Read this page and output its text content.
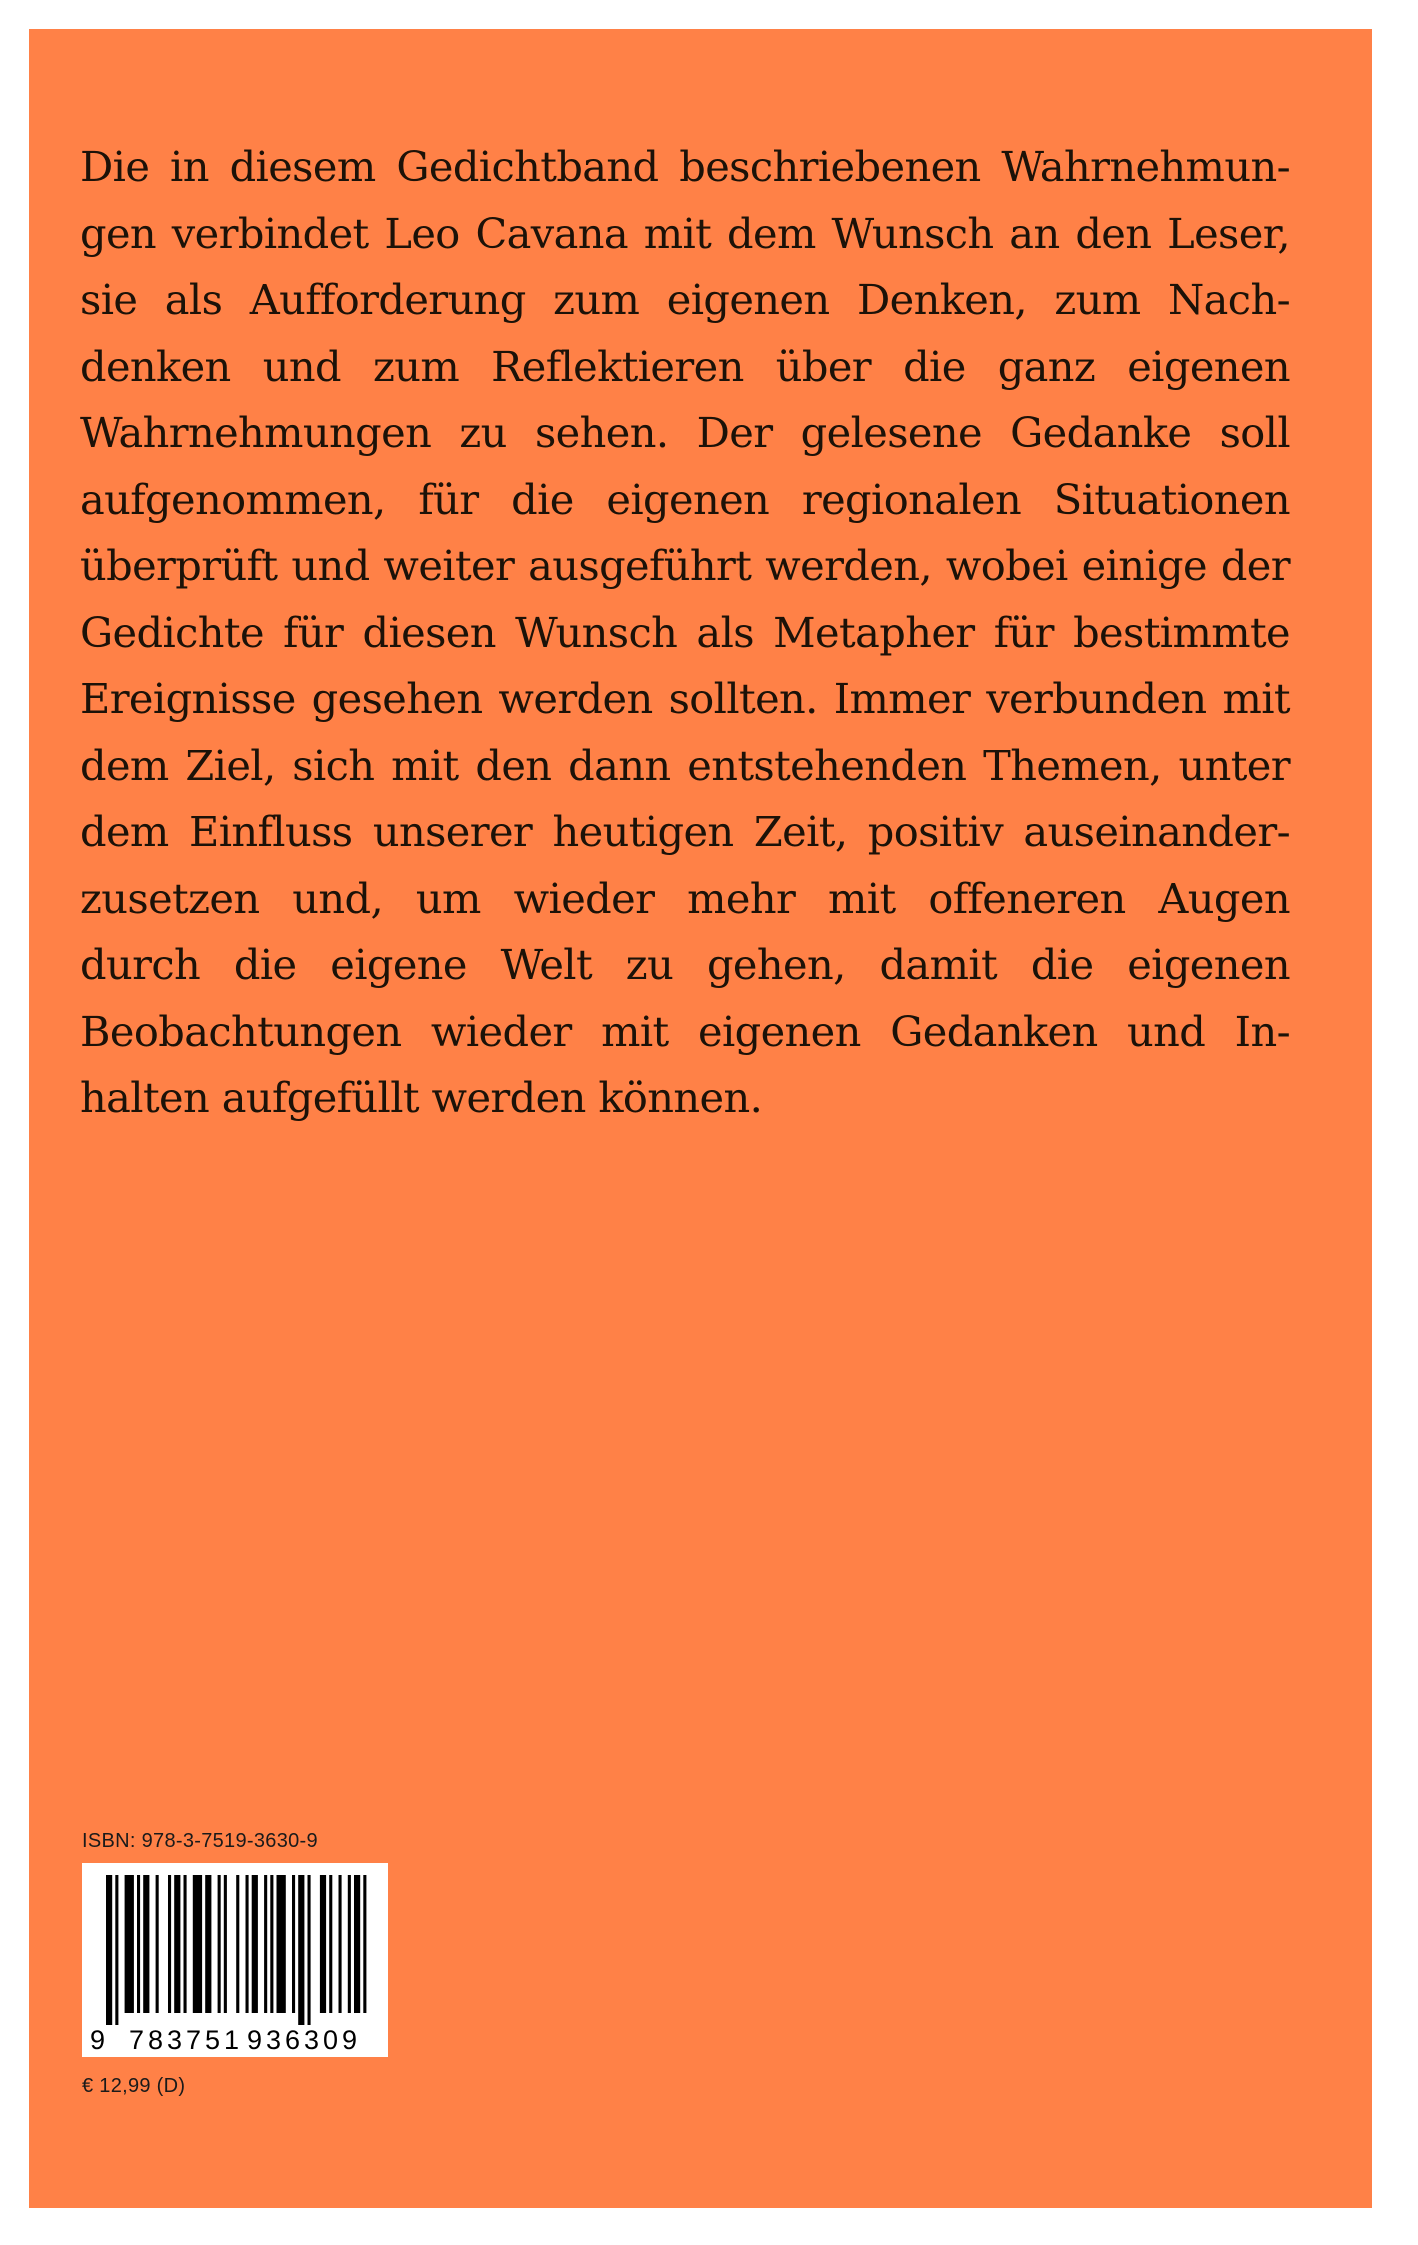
Die in diesem Gedichtband beschriebenen Wahrnehmun-
gen verbindet Leo Cavana mit dem Wunsch an den Leser,
sie als Aufforderung zum eigenen Denken, zum Nach-
denken und zum Reflektieren über die ganz eigenen
Wahrnehmungen zu sehen. Der gelesene Gedanke soll
aufgenommen, für die eigenen regionalen Situationen
überprüft und weiter ausgeführt werden, wobei einige der
Gedichte für diesen Wunsch als Metapher für bestimmte
Ereignisse gesehen werden sollten. Immer verbunden mit
dem Ziel, sich mit den dann entstehenden Themen, unter
dem Einfluss unserer heutigen Zeit, positiv auseinander-
zusetzen und, um wieder mehr mit offeneren Augen
durch die eigene Welt zu gehen, damit die eigenen
Beobachtungen wieder mit eigenen Gedanken und In-
halten aufgefüllt werden können.
ISBN: 978-3-7519-3630-9
9 783751 936309
€ 12,99 (D)
